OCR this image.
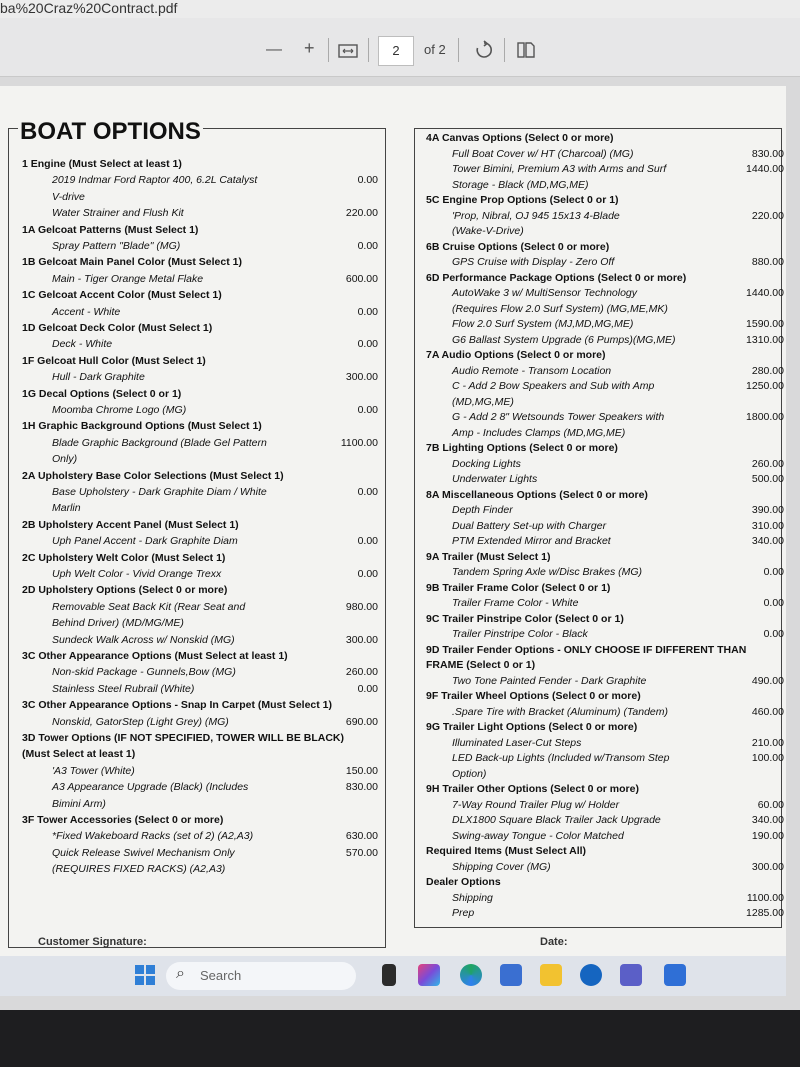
ba%20Craz%20Contract.pdf
— +	2	of 2
BOAT OPTIONS
1 Engine (Must Select at least 1)
2019 Indmar Ford Raptor 400, 6.2L Catalyst	0.00
V-drive
Water Strainer and Flush Kit	220.00
1A Gelcoat Patterns (Must Select 1)
Spray Pattern "Blade" (MG)	0.00
1B Gelcoat Main Panel Color (Must Select 1)
Main - Tiger Orange Metal Flake	600.00
1C Gelcoat Accent Color (Must Select 1)
Accent - White	0.00
1D Gelcoat Deck Color (Must Select 1)
Deck - White	0.00
1F Gelcoat Hull Color (Must Select 1)
Hull - Dark Graphite	300.00
1G Decal Options (Select 0 or 1)
Moomba Chrome Logo (MG)	0.00
1H Graphic Background Options (Must Select 1)
Blade Graphic Background (Blade Gel Pattern	1100.00
Only)
2A Upholstery Base Color Selections (Must Select 1)
Base Upholstery - Dark Graphite Diam / White	0.00
Marlin
2B Upholstery Accent Panel (Must Select 1)
Uph Panel Accent - Dark Graphite Diam	0.00
2C Upholstery Welt Color (Must Select 1)
Uph Welt Color - Vivid Orange Trexx	0.00
2D Upholstery Options (Select 0 or more)
Removable Seat Back Kit (Rear Seat and	980.00
Behind Driver) (MD/MG/ME)
Sundeck Walk Across w/ Nonskid (MG)	300.00
3C Other Appearance Options (Must Select at least 1)
Non-skid Package - Gunnels,Bow (MG)	260.00
Stainless Steel Rubrail (White)	0.00
3C Other Appearance Options - Snap In Carpet (Must Select 1)
Nonskid, GatorStep (Light Grey) (MG)	690.00
3D Tower Options (IF NOT SPECIFIED, TOWER WILL BE BLACK)
(Must Select at least 1)
'A3 Tower (White)	150.00
A3 Appearance Upgrade (Black) (Includes	830.00
Bimini Arm)
3F Tower Accessories (Select 0 or more)
*Fixed Wakeboard Racks (set of 2) (A2,A3)	630.00
Quick Release Swivel Mechanism Only	570.00
(REQUIRES FIXED RACKS) (A2,A3)
4A Canvas Options (Select 0 or more)
Full Boat Cover w/ HT (Charcoal) (MG)	830.00
Tower Bimini, Premium A3 with Arms and Surf	1440.00
Storage - Black (MD,MG,ME)
5C Engine Prop Options (Select 0 or 1)
'Prop, Nibral, OJ 945 15x13 4-Blade	220.00
(Wake-V-Drive)
6B Cruise Options (Select 0 or more)
GPS Cruise with Display - Zero Off	880.00
6D Performance Package Options (Select 0 or more)
AutoWake 3 w/ MultiSensor Technology	1440.00
(Requires Flow 2.0 Surf System) (MG,ME,MK)
Flow 2.0 Surf System (MJ,MD,MG,ME)	1590.00
G6 Ballast System Upgrade (6 Pumps)(MG,ME)	1310.00
7A Audio Options (Select 0 or more)
Audio Remote - Transom Location	280.00
C - Add 2 Bow Speakers and Sub with Amp	1250.00
(MD,MG,ME)
G - Add 2 8" Wetsounds Tower Speakers with	1800.00
Amp - Includes Clamps (MD,MG,ME)
7B Lighting Options (Select 0 or more)
Docking Lights	260.00
Underwater Lights	500.00
8A Miscellaneous Options (Select 0 or more)
Depth Finder	390.00
Dual Battery Set-up with Charger	310.00
PTM Extended Mirror and Bracket	340.00
9A Trailer (Must Select 1)
Tandem Spring Axle w/Disc Brakes (MG)	0.00
9B Trailer Frame Color (Select 0 or 1)
Trailer Frame Color - White	0.00
9C Trailer Pinstripe Color (Select 0 or 1)
Trailer Pinstripe Color - Black	0.00
9D Trailer Fender Options - ONLY CHOOSE IF DIFFERENT THAN
FRAME (Select 0 or 1)
Two Tone Painted Fender - Dark Graphite	490.00
9F Trailer Wheel Options (Select 0 or more)
.Spare Tire with Bracket (Aluminum) (Tandem)	460.00
9G Trailer Light Options (Select 0 or more)
Illuminated Laser-Cut Steps	210.00
LED Back-up Lights (Included w/Transom Step	100.00
Option)
9H Trailer Other Options (Select 0 or more)
7-Way Round Trailer Plug w/ Holder	60.00
DLX1800 Square Black Trailer Jack Upgrade	340.00
Swing-away Tongue - Color Matched	190.00
Required Items (Must Select All)
Shipping Cover (MG)	300.00
Dealer Options
Shipping	1100.00
Prep	1285.00
Customer Signature:	Date:
⌕ Search
